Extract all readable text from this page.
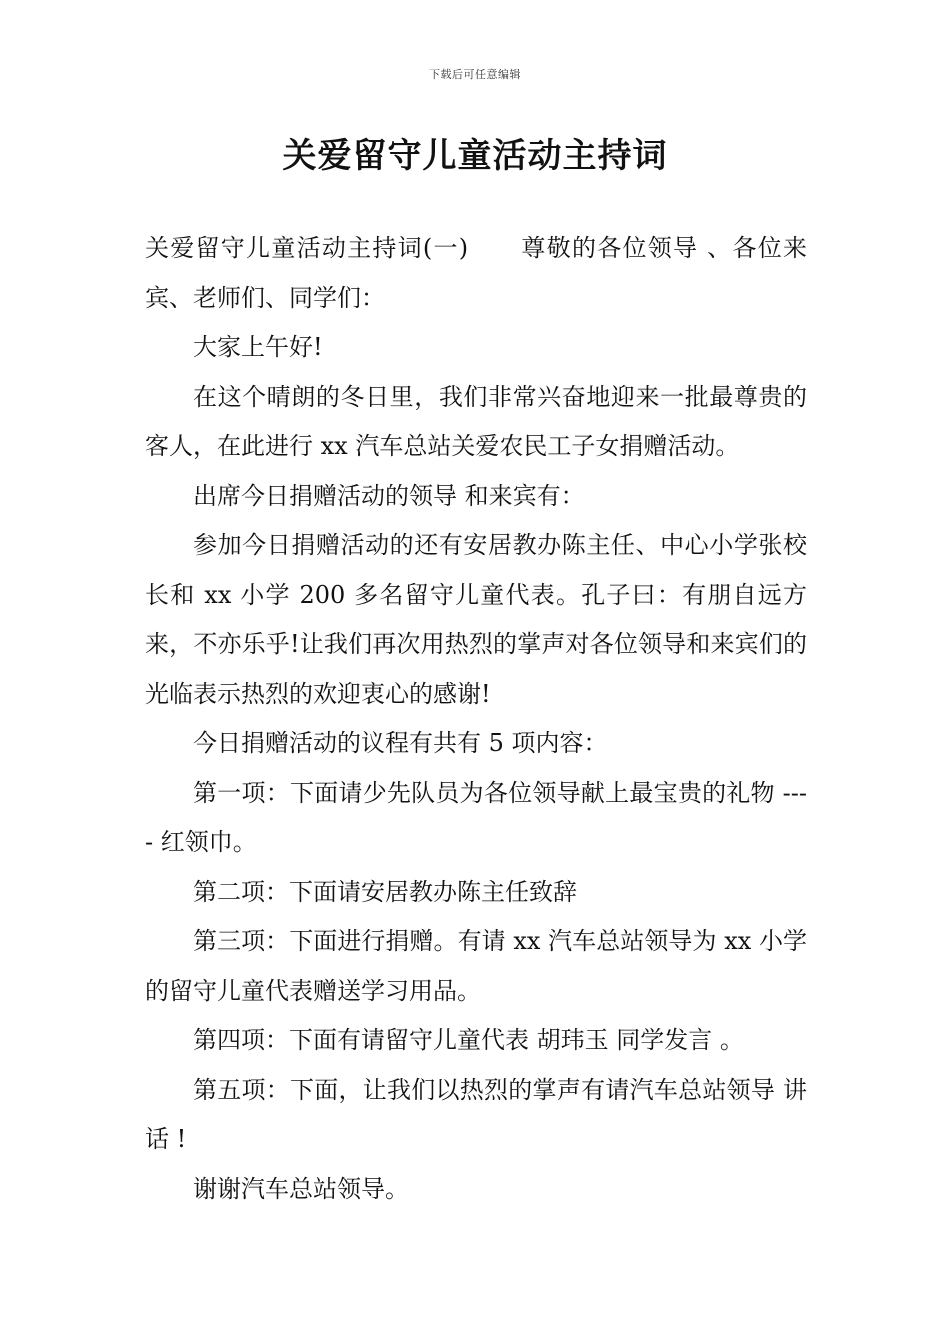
下载后可任意编辑
关爱留守儿童活动主持词

关爱留守儿童活动主持词(一) 尊敬的各位领导 、各位来宾、老师们、同学们：

大家上午好!

在这个晴朗的冬日里，我们非常兴奋地迎来一批最尊贵的客人，在此进行 xx 汽车总站关爱农民工子女捐赠活动。

出席今日捐赠活动的领导 和来宾有：

参加今日捐赠活动的还有安居教办陈主任、中心小学张校长和 xx 小学 200 多名留守儿童代表。孔子曰：有朋自远方来，不亦乐乎!让我们再次用热烈的掌声对各位领导和来宾们的光临表示热烈的欢迎衷心的感谢!

今日捐赠活动的议程有共有 5 项内容：

第一项：下面请少先队员为各位领导献上最宝贵的礼物 ---- 红领巾。

第二项：下面请安居教办陈主任致辞

第三项：下面进行捐赠。有请 xx 汽车总站领导为 xx 小学的留守儿童代表赠送学习用品。

第四项：下面有请留守儿童代表 胡玮玉 同学发言 。

第五项：下面，让我们以热烈的掌声有请汽车总站领导 讲话 !

谢谢汽车总站领导。
